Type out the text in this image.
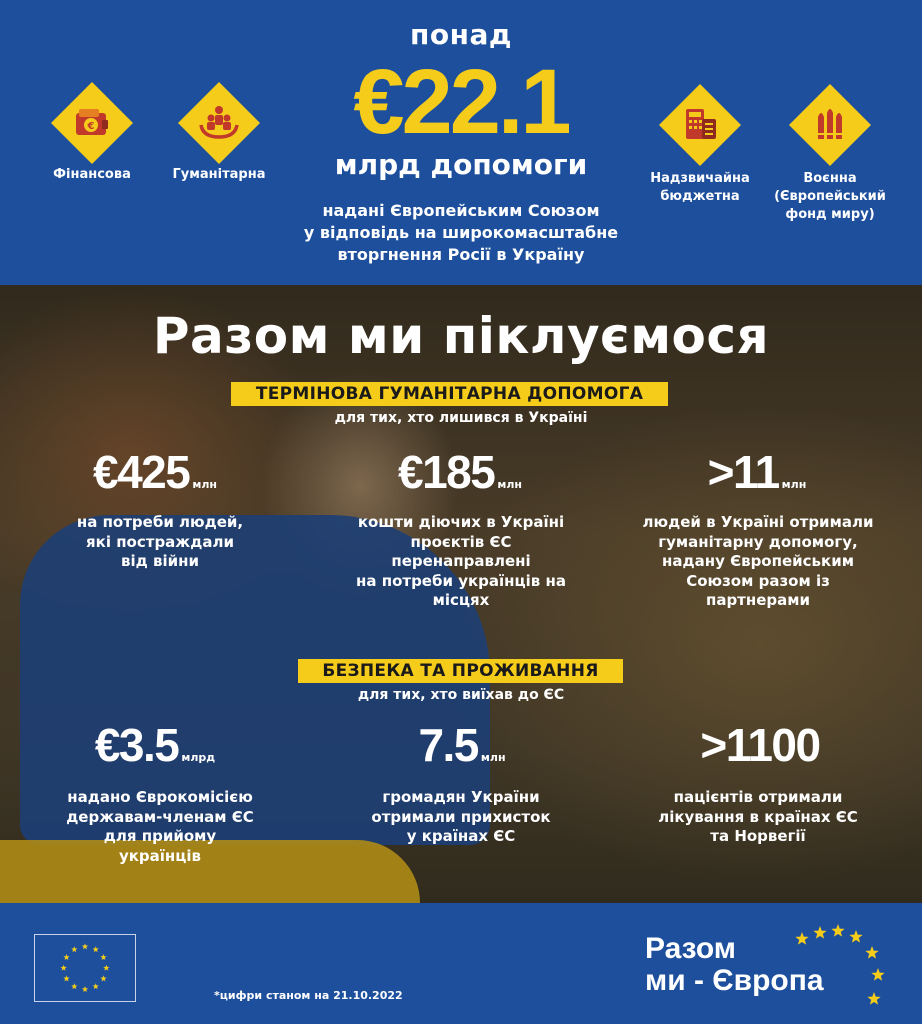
€
Фінансова	Гуманітарна
понад
€22.1
млрд допомоги
надані Європейським Союзом
у відповідь на широкомасштабне
вторгнення Росії в Україну
Надзвичайна бюджетна
Воєнна (Європейський фонд миру)
Разом ми піклуємося
ТЕРМІНОВА ГУМАНІТАРНА ДОПОМОГА
для тих, хто лишився в Україні
€425 млн
на потреби людей,
які постраждали
від війни
€185 млн
кошти діючих в Україні
проєктів ЄС
перенаправлені
на потреби українців на
місцях
>11 млн
людей в Україні отримали
гуманітарну допомогу,
надану Європейським
Союзом разом із
партнерами
БЕЗПЕКА ТА ПРОЖИВАННЯ
для тих, хто виїхав до ЄС
€3.5 млрд
надано Єврокомісією
державам-членам ЄС
для прийому
українців
7.5 млн
громадян України
отримали прихисток
у країнах ЄС
>1100
пацієнтів отримали
лікування в країнах ЄС
та Норвегії
*цифри станом на 21.10.2022
Разом
ми - Європа
